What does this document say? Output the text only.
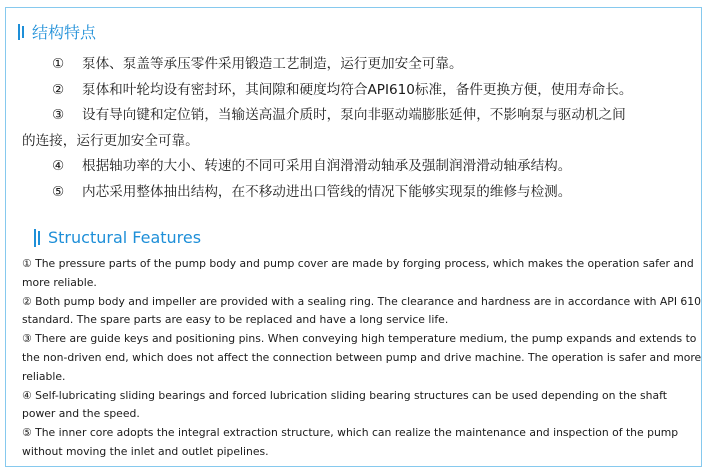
结构特点
① 泵体、泵盖等承压零件采用锻造工艺制造，运行更加安全可靠。
② 泵体和叶轮均设有密封环，其间隙和硬度均符合API610标准，备件更换方便，使用寿命长。
③ 设有导向键和定位销，当输送高温介质时，泵向非驱动端膨胀延伸，不影响泵与驱动机之间
的连接，运行更加安全可靠。
④ 根据轴功率的大小、转速的不同可采用自润滑滑动轴承及强制润滑滑动轴承结构。
⑤ 内芯采用整体抽出结构，在不移动进出口管线的情况下能够实现泵的维修与检测。
Structural Features
① The pressure parts of the pump body and pump cover are made by forging process, which makes the operation safer and
more reliable.
② Both pump body and impeller are provided with a sealing ring. The clearance and hardness are in accordance with API 610
standard. The spare parts are easy to be replaced and have a long service life.
③ There are guide keys and positioning pins. When conveying high temperature medium, the pump expands and extends to
the non-driven end, which does not affect the connection between pump and drive machine. The operation is safer and more
reliable.
④ Self-lubricating sliding bearings and forced lubrication sliding bearing structures can be used depending on the shaft
power and the speed.
⑤ The inner core adopts the integral extraction structure, which can realize the maintenance and inspection of the pump
without moving the inlet and outlet pipelines.
